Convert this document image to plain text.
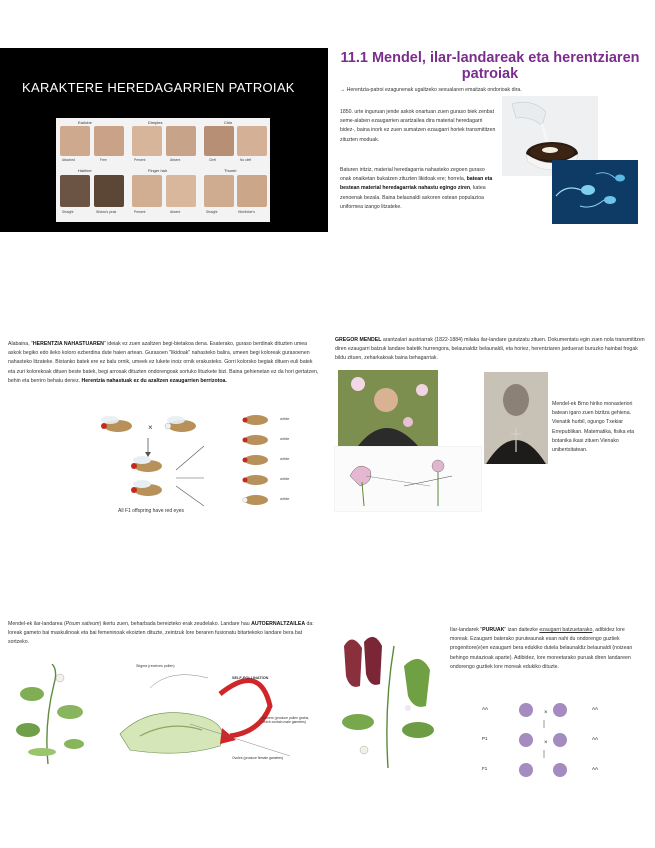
KARAKTERE HEREDAGARRIEN PATROIAK
Earlobe	Dimples	Chin
Attached	Free	Present	Absent	Cleft	No cleft
Hairline	Finger hair	Thumb
Straight	Widow's peak	Present	Absent	Straight	Hitchhiker's
11.1 Mendel, ilar-landareak eta herentziaren patroiak
→ Herentzia-patroi ezagunenak ugaltzeko sexualaren emaitzak ondorioak dira.
1850. urte inguruan jende askok onartuan zuen guraso biek zenbat seme-alaben ezaugarrien arartzailea dira material heredagarri bidez-, baina inork ez zuen sumatzen ezaugarri horiek transmititzen zituzten moduak.
Baturen iritziz, material heredagarria nahasteko zegoen guraso onak onaiketan bukatzen zituzten likidoak ere; horrela, batean eta bestean material heredagarriak nahastu egingo ziren, katea zenoenak bezala. Baina belaunaldi askoren ostean populazioa uniformea izango litzateke.
Alabaina, "HERENTZIA NAHASTUAREN" ideiak ez zuen azaltzen begi-bietakoa dena. Esaterako, guraso berdinak dituzten umea askok begiko edo ileko koloro ezberdina dute haien artean. Gurasoen "likidoak" nahasteko balira, umeen begi koloreak gurasoenen nahasteko litzateke. Bistanko batek ere ez balu ornik, umeek ez lukete inoiz ornik erakusteko. Gorri kolorsko begiak dituen euli batek eta zuri kolorekoak dituen beste batek, begi arrosak dituzten ondorengoak sortuko lituzkete bizi. Baina gehienetan ez da hori gertatzen, behin eta berriro behatu denez. Herentzia nahastuak ez du azaltzen ezaugarrien berrizotoa.
×
white
white
white
white
white
All F1 offspring have red eyes
GREGOR MENDEL arantzalari austriarrak (1822-1884) milaka ilar-landare gurutzatu zituen. Dokumentatu egin zuen nola transmititzen diren ezaugarri batzuk landare batetik hurrengora, belaunaldiz belaunaldi, eta horiez, herentziaren jarduerari buruzko hainbat frogak bildu zituen, zeharkakoak baina behagarriak.
Mendel-ek Brno hiriko monasteriori batean igaro zuen bizitza gehiena. Vienatik hurbil, ogungo Txekiar Errepublikan. Matematika, fisika eta botanika ikasi zituen Vienako unibertsitatean.
Mendel-ek ilar-landarea (Pisum sativum) ikertu zuen, beharbada bereizteko erak zeudelako. Landare hau AUTOERNALTZAILEA da: loreak gameto bai maskulinoak eta bai femeninoak ekoizten dituzte, zeintzuk lore beraren fusionatu bitartekoko landare bera bat sortzeko.
Stigma (receives pollen)
SELF-POLLINATION
Anthers (produce pollen grains, which contain male gametes)
Ovules (produce female gametes)
Ilar-landarek "PURUAK" izan daitezke ezaugarri batzuetarako, adibidez lore moreak. Ezaugarri baterako puruteaunak esan nahi du ondorengo guztiek progenitore(e)en ezaugarri bera edukiko dutela belaunaldiz belaunaldi (noizean behingo mutazioak aparte). Adibidez, lore moreetarako puruak diren landareen ondorengo guztiek lore moreak edukiko dituzte.
×
×
AA	AA
P1	AA
F1	AA
